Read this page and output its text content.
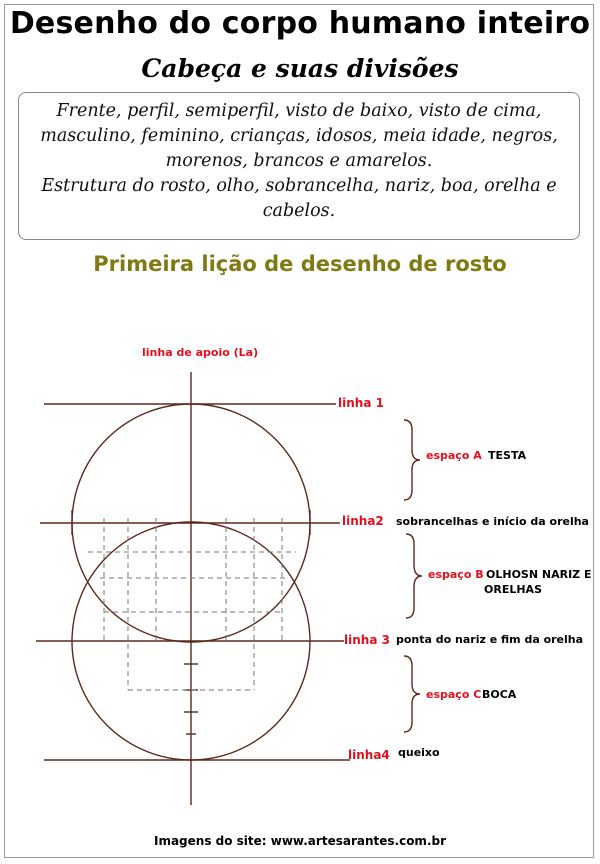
Desenho do corpo humano inteiro
Cabeça e suas divisões

Frente, perfil, semiperfil, visto de baixo, visto de cima, masculino, feminino, crianças, idosos, meia idade, negros, morenos, brancos e amarelos.

Estrutura do rosto, olho, sobrancelha, nariz, boa, orelha e cabelos.

Primeira lição de desenho de rosto
linha de apoio (La)
linha 1
linha2 sobrancelhas e início da orelha
linha 3 ponta do nariz e fim da orelha
linha4 queixo
espaço A TESTA
espaço B OLHOSN NARIZ E
ORELHAS
espaço C BOCA
Imagens do site: www.artesarantes.com.br
